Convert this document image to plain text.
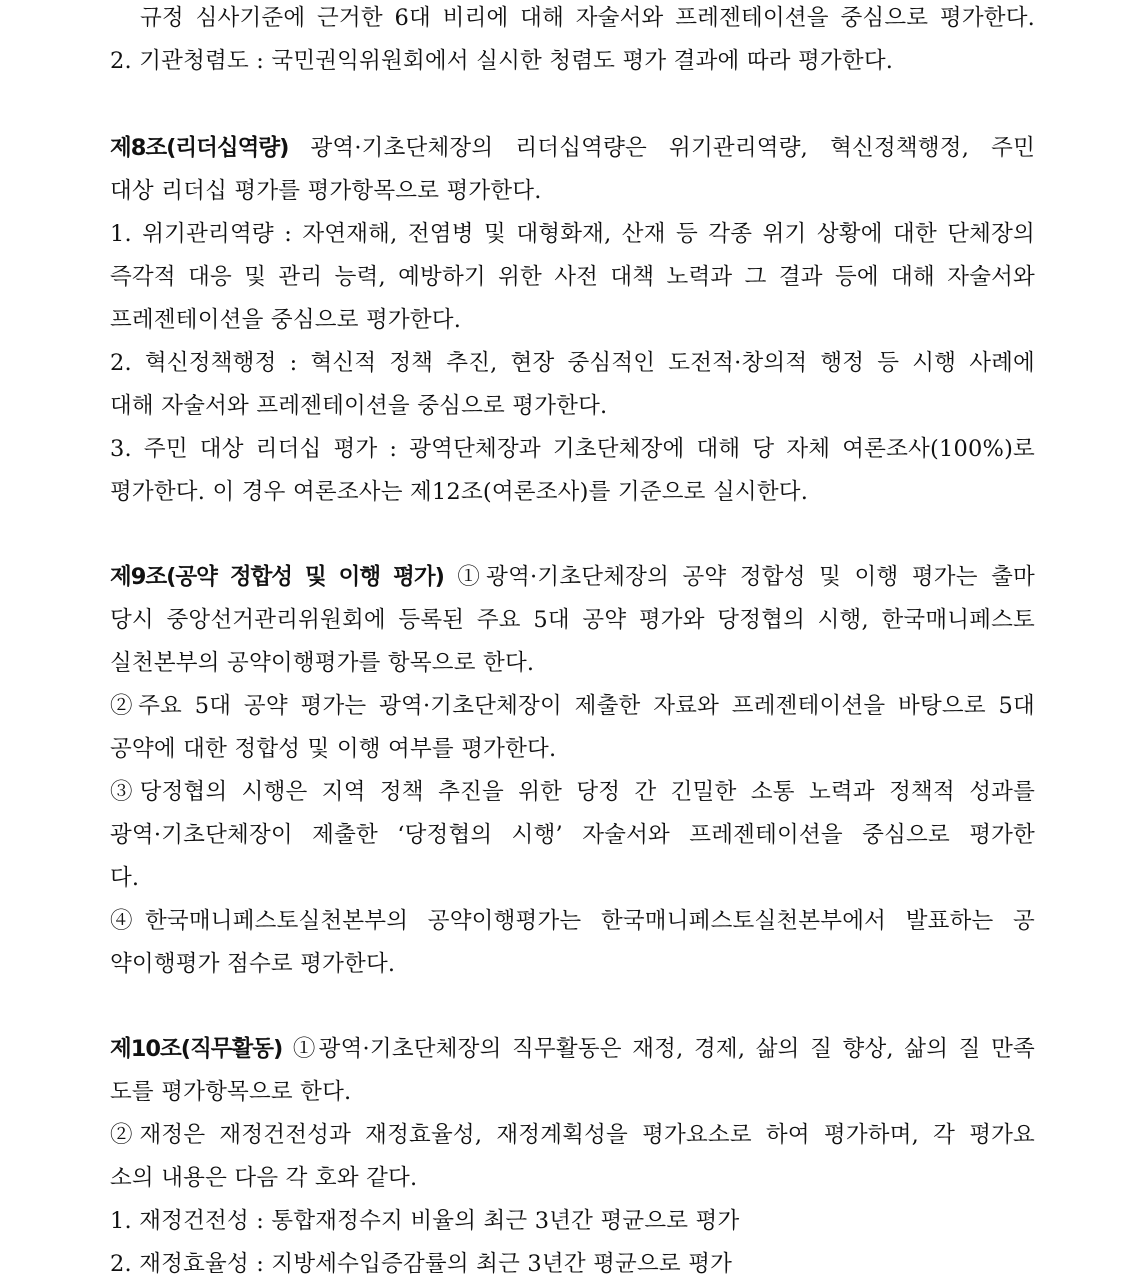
규정 심사기준에 근거한 6대 비리에 대해 자술서와 프레젠테이션을 중심으로 평가한다.
2. 기관청렴도 : 국민권익위원회에서 실시한 청렴도 평가 결과에 따라 평가한다.
제8조(리더십역량) 광역·기초단체장의 리더십역량은 위기관리역량, 혁신정책행정, 주민
대상 리더십 평가를 평가항목으로 평가한다.
1. 위기관리역량 : 자연재해, 전염병 및 대형화재, 산재 등 각종 위기 상황에 대한 단체장의
즉각적 대응 및 관리 능력, 예방하기 위한 사전 대책 노력과 그 결과 등에 대해 자술서와
프레젠테이션을 중심으로 평가한다.
2. 혁신정책행정 : 혁신적 정책 추진, 현장 중심적인 도전적·창의적 행정 등 시행 사례에
대해 자술서와 프레젠테이션을 중심으로 평가한다.
3. 주민 대상 리더십 평가 : 광역단체장과 기초단체장에 대해 당 자체 여론조사(100%)로
평가한다. 이 경우 여론조사는 제12조(여론조사)를 기준으로 실시한다.
제9조(공약 정합성 및 이행 평가) ①광역·기초단체장의 공약 정합성 및 이행 평가는 출마
당시 중앙선거관리위원회에 등록된 주요 5대 공약 평가와 당정협의 시행, 한국매니페스토
실천본부의 공약이행평가를 항목으로 한다.
②주요 5대 공약 평가는 광역·기초단체장이 제출한 자료와 프레젠테이션을 바탕으로 5대
공약에 대한 정합성 및 이행 여부를 평가한다.
③당정협의 시행은 지역 정책 추진을 위한 당정 간 긴밀한 소통 노력과 정책적 성과를
광역·기초단체장이 제출한 ‘당정협의 시행’ 자술서와 프레젠테이션을 중심으로 평가한
다.
④한국매니페스토실천본부의 공약이행평가는 한국매니페스토실천본부에서 발표하는 공
약이행평가 점수로 평가한다.
제10조(직무활동) ①광역·기초단체장의 직무활동은 재정, 경제, 삶의 질 향상, 삶의 질 만족
도를 평가항목으로 한다.
②재정은 재정건전성과 재정효율성, 재정계획성을 평가요소로 하여 평가하며, 각 평가요
소의 내용은 다음 각 호와 같다.
1. 재정건전성 : 통합재정수지 비율의 최근 3년간 평균으로 평가
2. 재정효율성 : 지방세수입증감률의 최근 3년간 평균으로 평가
